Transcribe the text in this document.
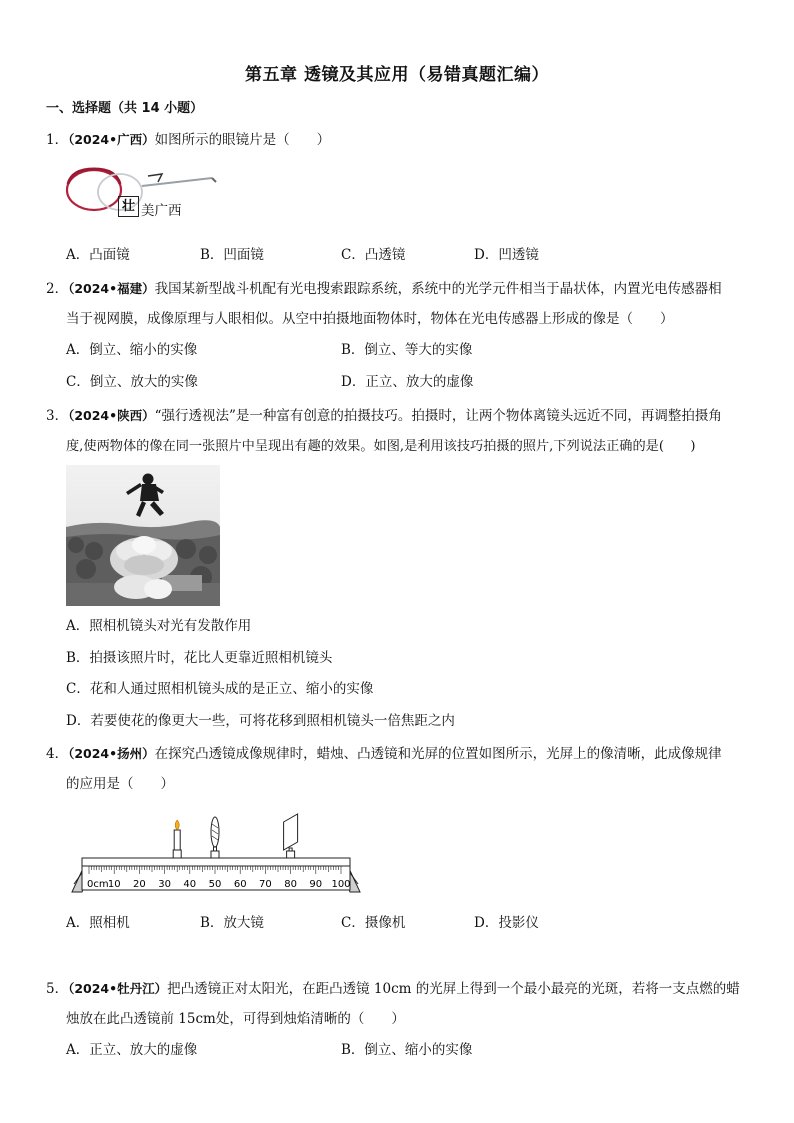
第五章 透镜及其应用（易错真题汇编）
一、选择题（共 14 小题）
1．（2024•广西）如图所示的眼镜片是（　　）
壮 美广西
A．凸面镜	B．凹面镜	C．凸透镜	D．凹透镜
2．（2024•福建）我国某新型战斗机配有光电搜索跟踪系统，系统中的光学元件相当于晶状体，内置光电传感器相
当于视网膜，成像原理与人眼相似。从空中拍摄地面物体时，物体在光电传感器上形成的像是（　　）
A．倒立、缩小的实像	B．倒立、等大的实像
C．倒立、放大的实像	D．正立、放大的虚像
3．（2024•陕西）“强行透视法”是一种富有创意的拍摄技巧。拍摄时，让两个物体离镜头远近不同，再调整拍摄角
度,使两物体的像在同一张照片中呈现出有趣的效果。如图,是利用该技巧拍摄的照片,下列说法正确的是(　　)
A．照相机镜头对光有发散作用
B．拍摄该照片时，花比人更靠近照相机镜头
C．花和人通过照相机镜头成的是正立、缩小的实像
D．若要使花的像更大一些，可将花移到照相机镜头一倍焦距之内
4．（2024•扬州）在探究凸透镜成像规律时，蜡烛、凸透镜和光屏的位置如图所示，光屏上的像清晰，此成像规律
的应用是（　　）
0cm 10 20 30 40 50 60 70 80 90 100
A．照相机	B．放大镜	C．摄像机	D．投影仪
5．（2024•牡丹江）把凸透镜正对太阳光，在距凸透镜 10cm 的光屏上得到一个最小最亮的光斑，若将一支点燃的蜡
烛放在此凸透镜前 15cm处，可得到烛焰清晰的（　　）
A．正立、放大的虚像	B．倒立、缩小的实像
